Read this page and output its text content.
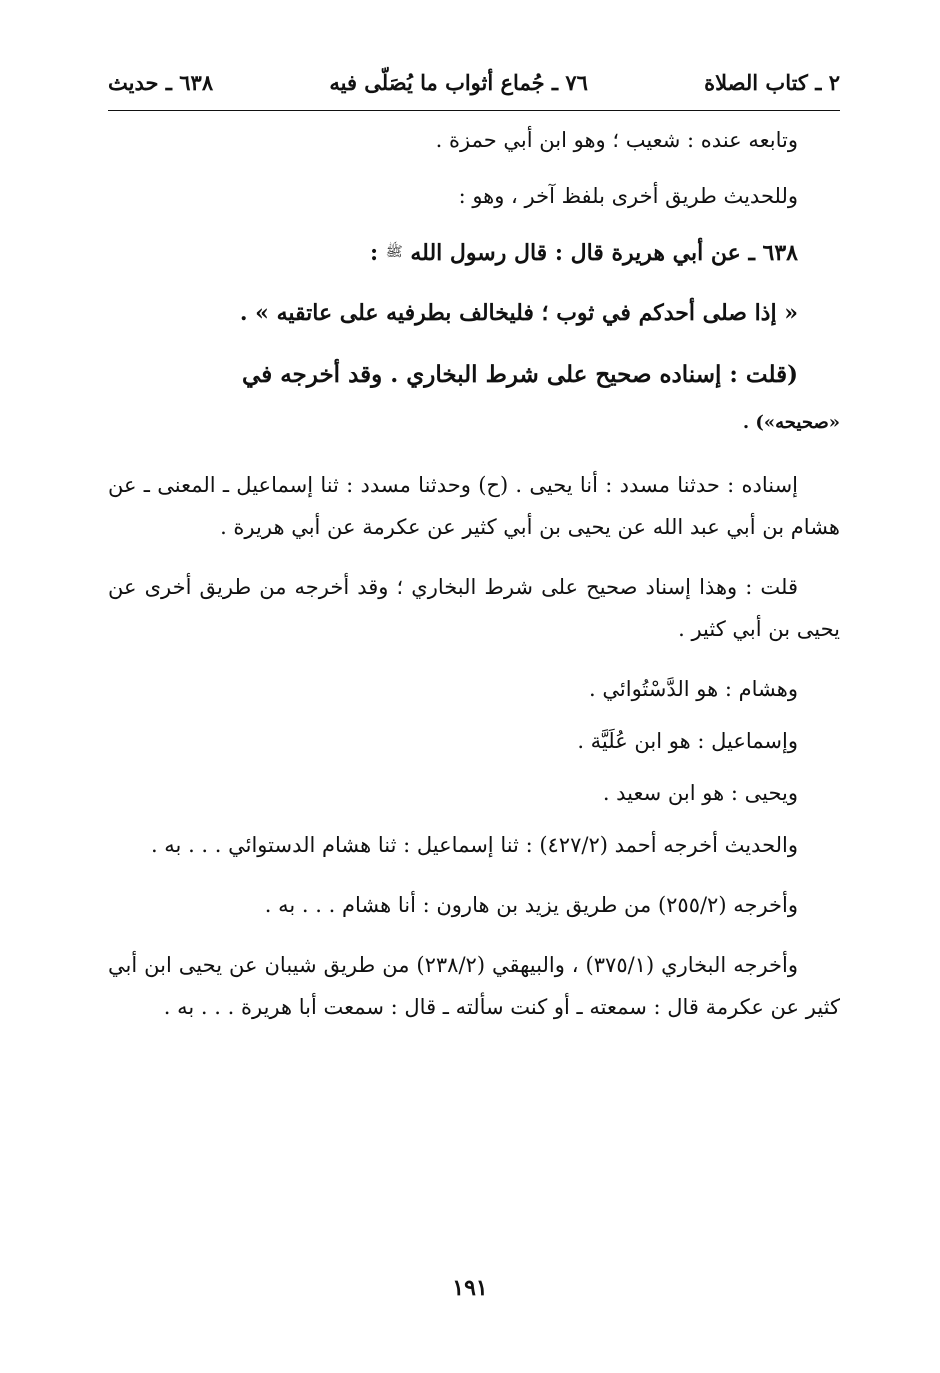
٢ ـ كتاب الصلاة
٧٦ ـ جُماع أثواب ما يُصَلّى فيه
٦٣٨ ـ حديث

وتابعه عنده : شعيب ؛ وهو ابن أبي حمزة .

وللحديث طريق أخرى بلفظ آخر ، وهو :

٦٣٨ ـ عن أبي هريرة قال : قال رسول الله ﷺ :

« إذا صلى أحدكم في ثوب ؛ فليخالف بطرفيه على عاتقيه » .

(قلت : إسناده صحيح على شرط البخاري . وقد أخرجه في
«صحيحه») .

إسناده : حدثنا مسدد : أنا يحيى . (ح) وحدثنا مسدد : ثنا إسماعيل ـ المعنى ـ عن هشام بن أبي عبد الله عن يحيى بن أبي كثير عن عكرمة عن أبي هريرة .

قلت : وهذا إسناد صحيح على شرط البخاري ؛ وقد أخرجه من طريق أخرى عن يحيى بن أبي كثير .

وهشام : هو الدَّسْتُوائي .

وإسماعيل : هو ابن عُلَيَّة .

ويحيى : هو ابن سعيد .

والحديث أخرجه أحمد (٤٢٧/٢) : ثنا إسماعيل : ثنا هشام الدستوائي . . . به .

وأخرجه (٢٥٥/٢) من طريق يزيد بن هارون : أنا هشام . . . به .

وأخرجه البخاري (٣٧٥/١) ، والبيهقي (٢٣٨/٢) من طريق شيبان عن يحيى ابن أبي كثير عن عكرمة قال : سمعته ـ أو كنت سألته ـ قال : سمعت أبا هريرة . . . به .

١٩١
